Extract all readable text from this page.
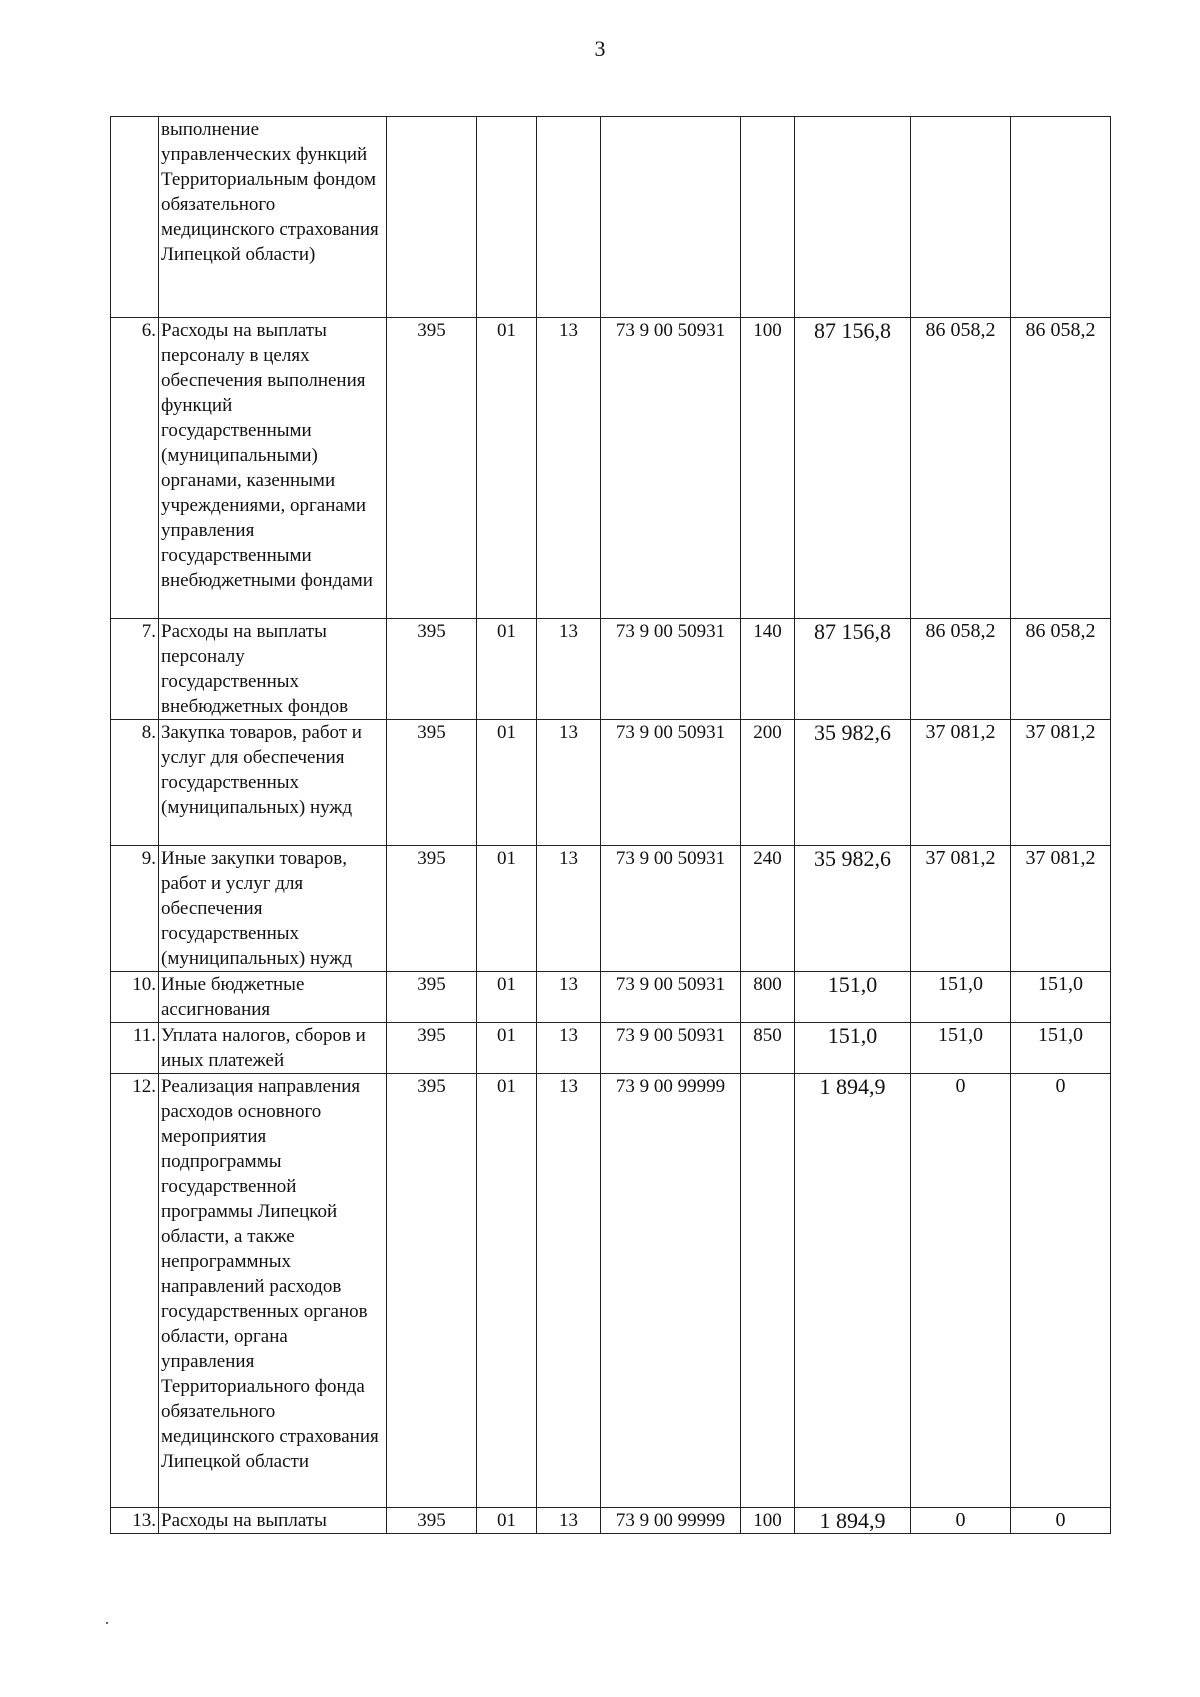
3
	выполнение управленческих функций Территориальным фондом обязательного медицинского страхования Липецкой области)								
6.	Расходы на выплаты персоналу в целях обеспечения выполнения функций государственными (муниципальными) органами, казенными учреждениями, органами управления государственными внебюджетными фондами	395	01	13	73 9 00 50931	100	87 156,8	86 058,2	86 058,2
7.	Расходы на выплаты персоналу государственных внебюджетных фондов	395	01	13	73 9 00 50931	140	87 156,8	86 058,2	86 058,2
8.	Закупка товаров, работ и услуг для обеспечения государственных (муниципальных) нужд	395	01	13	73 9 00 50931	200	35 982,6	37 081,2	37 081,2
9.	Иные закупки товаров, работ и услуг для обеспечения государственных (муниципальных) нужд	395	01	13	73 9 00 50931	240	35 982,6	37 081,2	37 081,2
10.	Иные бюджетные ассигнования	395	01	13	73 9 00 50931	800	151,0	151,0	151,0
11.	Уплата налогов, сборов и иных платежей	395	01	13	73 9 00 50931	850	151,0	151,0	151,0
12.	Реализация направления расходов основного мероприятия подпрограммы государственной программы Липецкой области, а также непрограммных направлений расходов государственных органов области, органа управления Территориального фонда обязательного медицинского страхования Липецкой области	395	01	13	73 9 00 99999		1 894,9	0	0
13.	Расходы на выплаты	395	01	13	73 9 00 99999	100	1 894,9	0	0
